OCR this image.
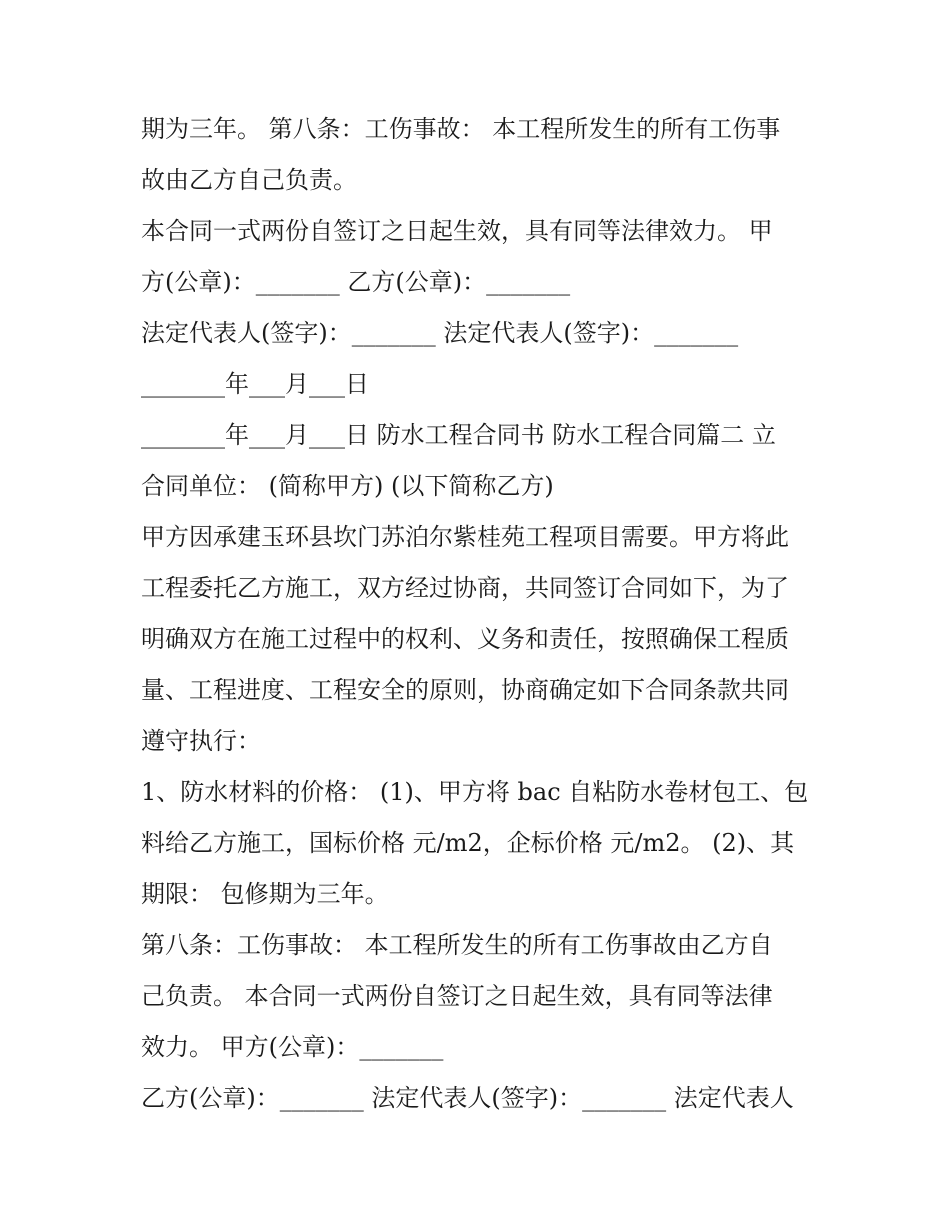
期为三年。 第八条：工伤事故： 本工程所发生的所有工伤事
故由乙方自己负责。
本合同一式两份自签订之日起生效，具有同等法律效力。 甲
方(公章)：_______ 乙方(公章)：_______
法定代表人(签字)：_______ 法定代表人(签字)：_______
_______年___月___日
_______年___月___日 防水工程合同书 防水工程合同篇二 立
合同单位： (简称甲方) (以下简称乙方)
甲方因承建玉环县坎门苏泊尔紫桂苑工程项目需要。甲方将此
工程委托乙方施工，双方经过协商，共同签订合同如下，为了
明确双方在施工过程中的权利、义务和责任，按照确保工程质
量、工程进度、工程安全的原则，协商确定如下合同条款共同
遵守执行：
1、防水材料的价格： (1)、甲方将 bac 自粘防水卷材包工、包
料给乙方施工，国标价格 元/m2，企标价格 元/m2。 (2)、其
期限： 包修期为三年。
第八条：工伤事故： 本工程所发生的所有工伤事故由乙方自
己负责。 本合同一式两份自签订之日起生效，具有同等法律
效力。 甲方(公章)：_______
乙方(公章)：_______ 法定代表人(签字)：_______ 法定代表人
